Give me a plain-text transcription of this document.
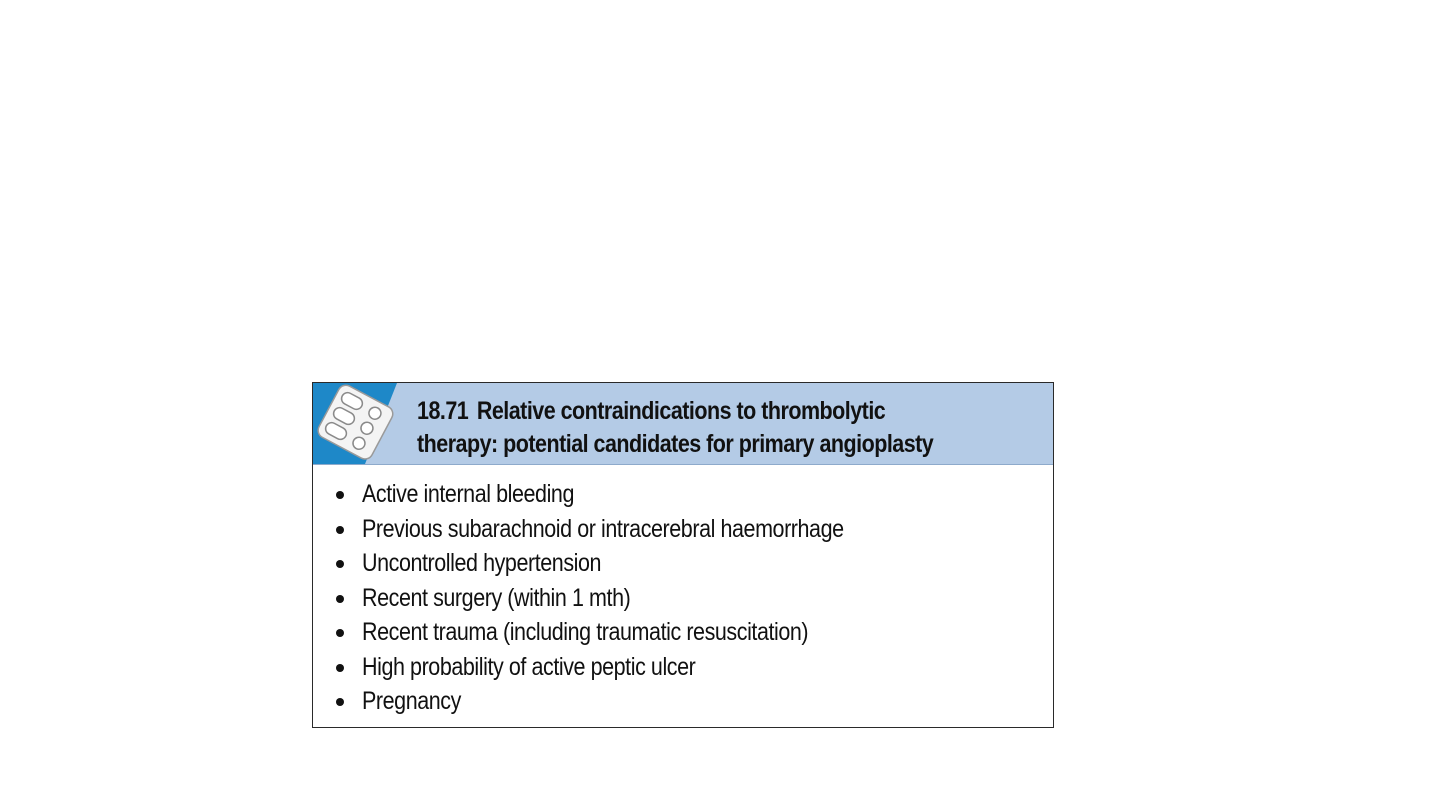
18.71 Relative contraindications to thrombolytic
therapy: potential candidates for primary angioplasty
Active internal bleeding
Previous subarachnoid or intracerebral haemorrhage
Uncontrolled hypertension
Recent surgery (within 1 mth)
Recent trauma (including traumatic resuscitation)
High probability of active peptic ulcer
Pregnancy
